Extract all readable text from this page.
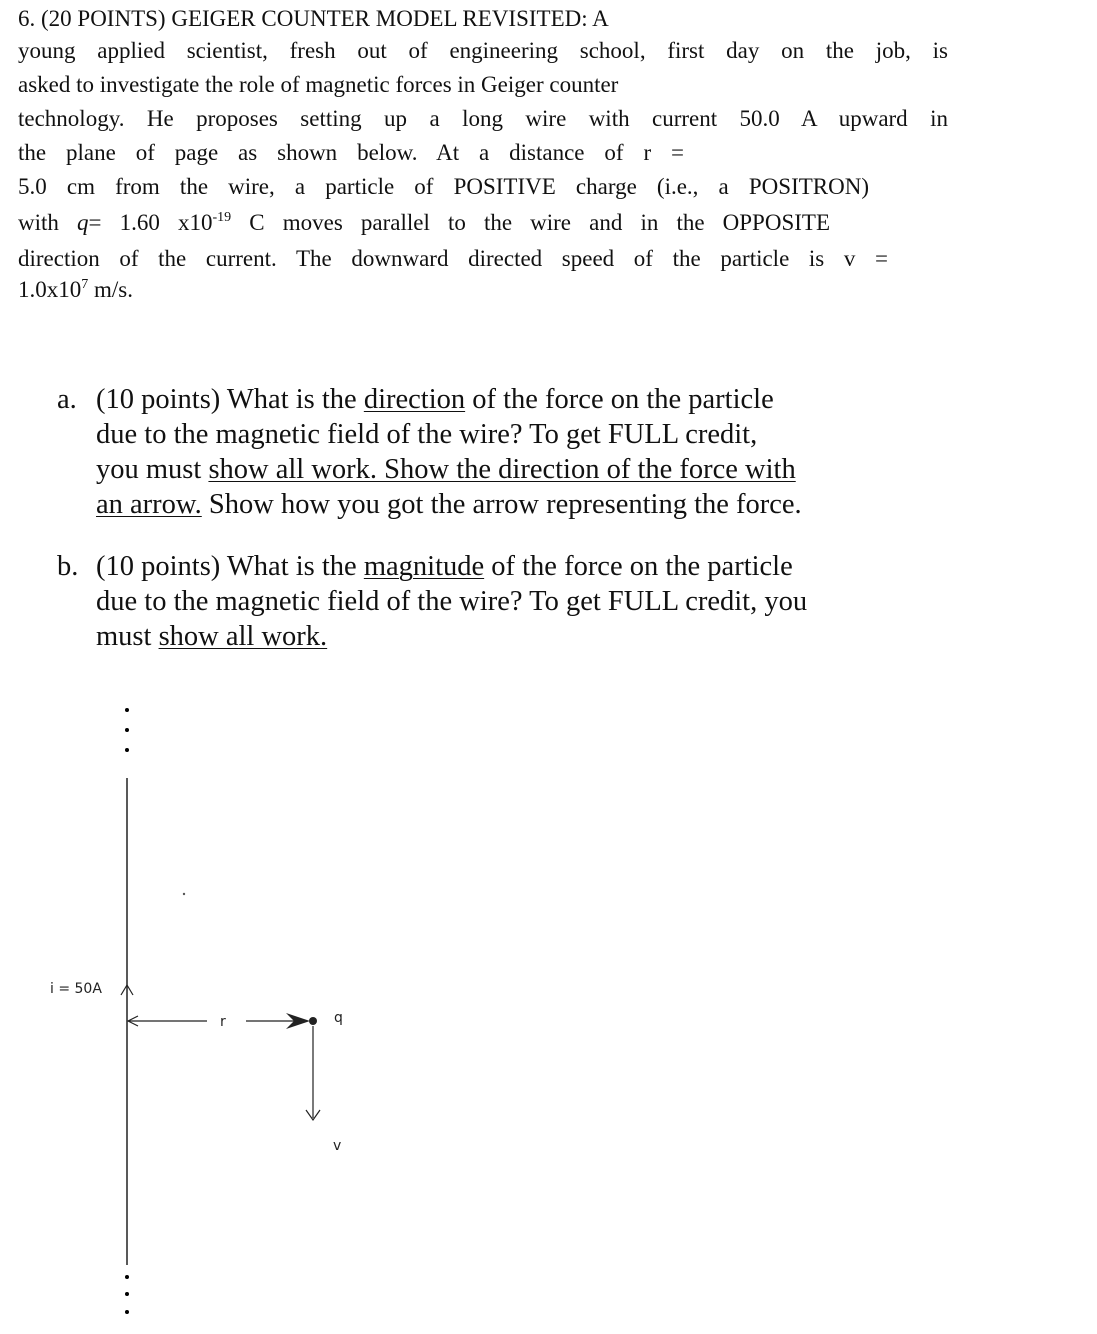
6. (20 POINTS) GEIGER COUNTER MODEL REVISITED: A
young applied scientist, fresh out of engineering school, first day on the job, is
asked to investigate the role of magnetic forces in Geiger counter
technology. He proposes setting up a long wire with current 50.0 A upward in
the plane of page as shown below. At a distance of r =
5.0 cm from the wire, a particle of POSITIVE charge (i.e., a POSITRON)
with q= 1.60 $x10^{-19}$ C moves parallel to the wire and in the OPPOSITE
direction of the current. The downward directed speed of the particle is v =
$1.0x10^7$ m/s.
a. (10 points) What is the direction of the force on the particle
due to the magnetic field of the wire? To get FULL credit,
you must show all work. Show the direction of the force with
an arrow. Show how you got the arrow representing the force.
b. (10 points) What is the magnitude of the force on the particle
due to the magnetic field of the wire? To get FULL credit, you
must show all work.
i = 50A
r	q
v
